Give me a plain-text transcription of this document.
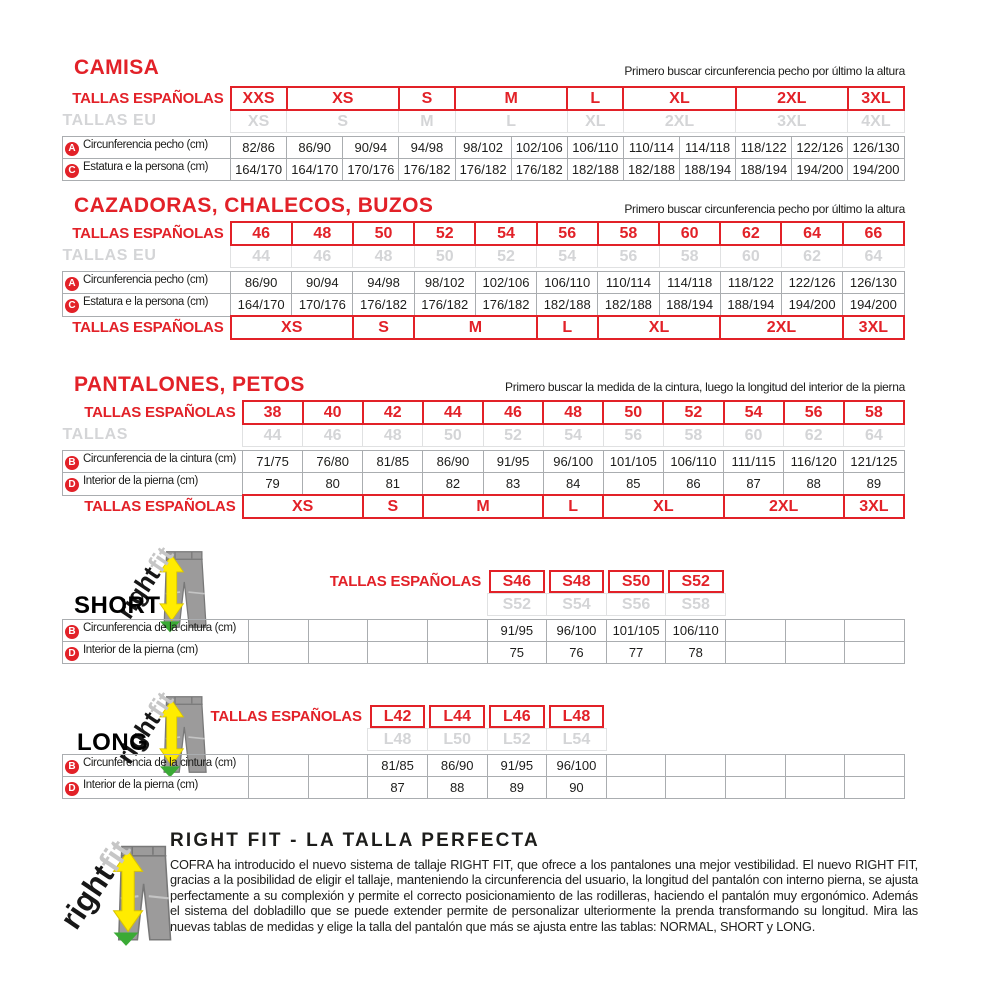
CAMISA	Primero buscar circunferencia pecho por último la altura
TALLAS ESPAÑOLAS	XXS	XS		S	M		L	XL		2XL		3XL
TALLAS EU	XS	S		M	L		XL	2XL		3XL		4XL

A Circunferencia pecho (cm)	82/86	86/90	90/94	94/98	98/102	102/106	106/110	110/114	114/118	118/122	122/126	126/130
C Estatura e la persona (cm)	164/170	164/170	170/176	176/182	176/182	176/182	182/188	182/188	188/194	188/194	194/200	194/200
CAZADORAS, CHALECOS, BUZOS	Primero buscar circunferencia pecho por último la altura
TALLAS ESPAÑOLAS	46	48	50	52	54	56	58	60	62	64	66
TALLAS EU	44	46	48	50	52	54	56	58	60	62	64

A Circunferencia pecho (cm)	86/90	90/94	94/98	98/102	102/106	106/110	110/114	114/118	118/122	122/126	126/130
C Estatura e la persona (cm)	164/170	170/176	176/182	176/182	176/182	182/188	182/188	188/194	188/194	194/200	194/200
TALLAS ESPAÑOLAS	XS		S	M		L	XL		2XL		3XL
PANTALONES, PETOS	Primero buscar la medida de la cintura, luego la longitud del interior de la pierna
TALLAS ESPAÑOLAS	38	40	42	44	46	48	50	52	54	56	58
TALLAS	44	46	48	50	52	54	56	58	60	62	64

B Circunferencia de la cintura (cm)	71/75	76/80	81/85	86/90	91/95	96/100	101/105	106/110	111/115	116/120	121/125
D Interior de la pierna (cm)	79	80	81	82	83	84	85	86	87	88	89
TALLAS ESPAÑOLAS	XS		S	M		L	XL		2XL		3XL
SHORT
TALLAS ESPAÑOLAS					S46	S48	S50	S52			

					S52	S54	S56	S58			

B Circunferencia de la cintura (cm)					91/95	96/100	101/105	106/110			
D Interior de la pierna (cm)					75	76	77	78			
LONG
TALLAS ESPAÑOLAS			L42	L44	L46	L48					

			L48	L50	L52	L54					

B Circunferencia de la cintura (cm)			81/85	86/90	91/95	96/100					
D Interior de la pierna (cm)			87	88	89	90					
RIGHT FIT - LA TALLA PERFECTA
COFRA ha introducido el nuevo sistema de tallaje RIGHT FIT, que ofrece a los pantalones una mejor vestibilidad. El nuevo RIGHT FIT, gracias a la posibilidad de eligir el tallaje, manteniendo la circunferencia del usuario, la longitud del pantalón con interno pierna, se ajusta perfectamente a su complexión y permite el correcto posicionamiento de las rodilleras, haciendo el pantalón muy ergonómico. Además el sistema del dobladillo que se puede extender permite de personalizar ulteriormente la prenda transformando su longitud. Mira las nuevas tablas de medidas y elige la talla del pantalón que más se ajusta entre las tablas: NORMAL, SHORT y LONG.
